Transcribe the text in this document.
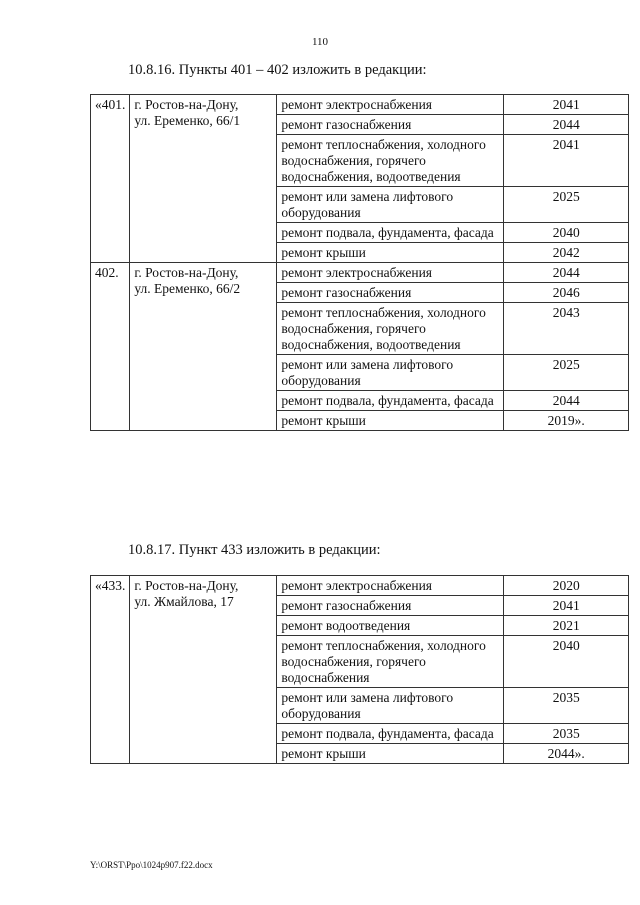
110
10.8.16. Пункты 401 – 402 изложить в редакции:
«401.	г. Ростов-на-Дону,
ул. Еременко, 66/1	ремонт электроснабжения	2041
		ремонт газоснабжения	2044
		ремонт теплоснабжения, холодного водоснабжения, горячего водоснабжения, водоотведения	2041
		ремонт или замена лифтового оборудования	2025
		ремонт подвала, фундамента, фасада	2040
		ремонт крыши	2042
402.	г. Ростов-на-Дону,
ул. Еременко, 66/2	ремонт электроснабжения	2044
		ремонт газоснабжения	2046
		ремонт теплоснабжения, холодного водоснабжения, горячего водоснабжения, водоотведения	2043
		ремонт или замена лифтового оборудования	2025
		ремонт подвала, фундамента, фасада	2044
		ремонт крыши	2019».
10.8.17. Пункт 433 изложить в редакции:
«433.	г. Ростов-на-Дону,
ул. Жмайлова, 17	ремонт электроснабжения	2020
		ремонт газоснабжения	2041
		ремонт водоотведения	2021
		ремонт теплоснабжения, холодного водоснабжения, горячего водоснабжения	2040
		ремонт или замена лифтового оборудования	2035
		ремонт подвала, фундамента, фасада	2035
		ремонт крыши	2044».
Y:\ORST\Ppo\1024p907.f22.docx
